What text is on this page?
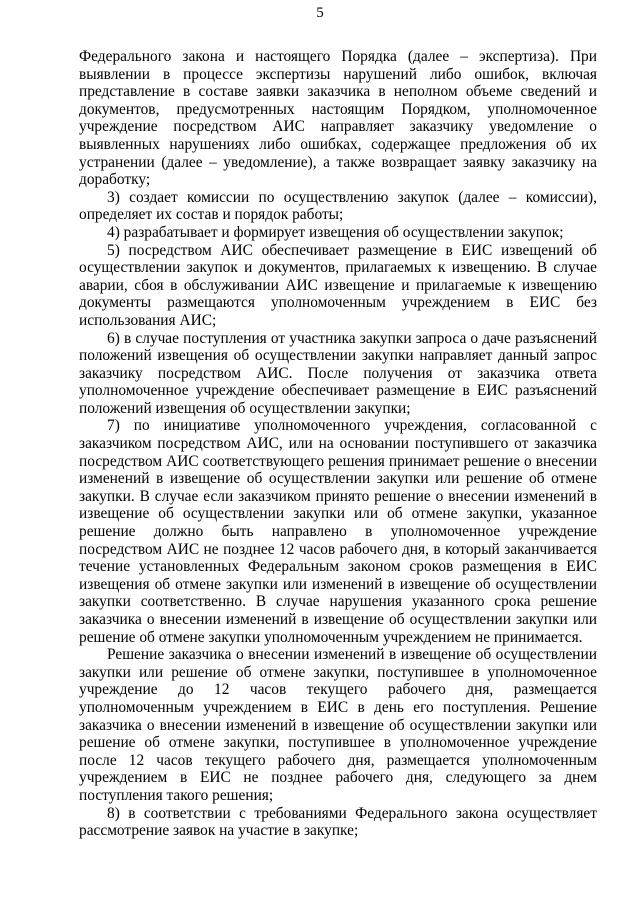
5

Федерального закона и настоящего Порядка (далее – экспертиза). При выявлении в процессе экспертизы нарушений либо ошибок, включая представление в составе заявки заказчика в неполном объеме сведений и документов, предусмотренных настоящим Порядком, уполномоченное учреждение посредством АИС направляет заказчику уведомление о выявленных нарушениях либо ошибках, содержащее предложения об их устранении (далее – уведомление), а также возвращает заявку заказчику на доработку;

3) создает комиссии по осуществлению закупок (далее – комиссии), определяет их состав и порядок работы;

4) разрабатывает и формирует извещения об осуществлении закупок;

5) посредством АИС обеспечивает размещение в ЕИС извещений об осуществлении закупок и документов, прилагаемых к извещению. В случае аварии, сбоя в обслуживании АИС извещение и прилагаемые к извещению документы размещаются уполномоченным учреждением в ЕИС без использования АИС;

6) в случае поступления от участника закупки запроса о даче разъяснений положений извещения об осуществлении закупки направляет данный запрос заказчику посредством АИС. После получения от заказчика ответа уполномоченное учреждение обеспечивает размещение в ЕИС разъяснений положений извещения об осуществлении закупки;

7) по инициативе уполномоченного учреждения, согласованной с заказчиком посредством АИС, или на основании поступившего от заказчика посредством АИС соответствующего решения принимает решение о внесении изменений в извещение об осуществлении закупки или решение об отмене закупки. В случае если заказчиком принято решение о внесении изменений в извещение об осуществлении закупки или об отмене закупки, указанное решение должно быть направлено в уполномоченное учреждение посредством АИС не позднее 12 часов рабочего дня, в который заканчивается течение установленных Федеральным законом сроков размещения в ЕИС извещения об отмене закупки или изменений в извещение об осуществлении закупки соответственно. В случае нарушения указанного срока решение заказчика о внесении изменений в извещение об осуществлении закупки или решение об отмене закупки уполномоченным учреждением не принимается.

Решение заказчика о внесении изменений в извещение об осуществлении закупки или решение об отмене закупки, поступившее в уполномоченное учреждение до 12 часов текущего рабочего дня, размещается уполномоченным учреждением в ЕИС в день его поступления. Решение заказчика о внесении изменений в извещение об осуществлении закупки или решение об отмене закупки, поступившее в уполномоченное учреждение после 12 часов текущего рабочего дня, размещается уполномоченным учреждением в ЕИС не позднее рабочего дня, следующего за днем поступления такого решения;

8) в соответствии с требованиями Федерального закона осуществляет рассмотрение заявок на участие в закупке;
